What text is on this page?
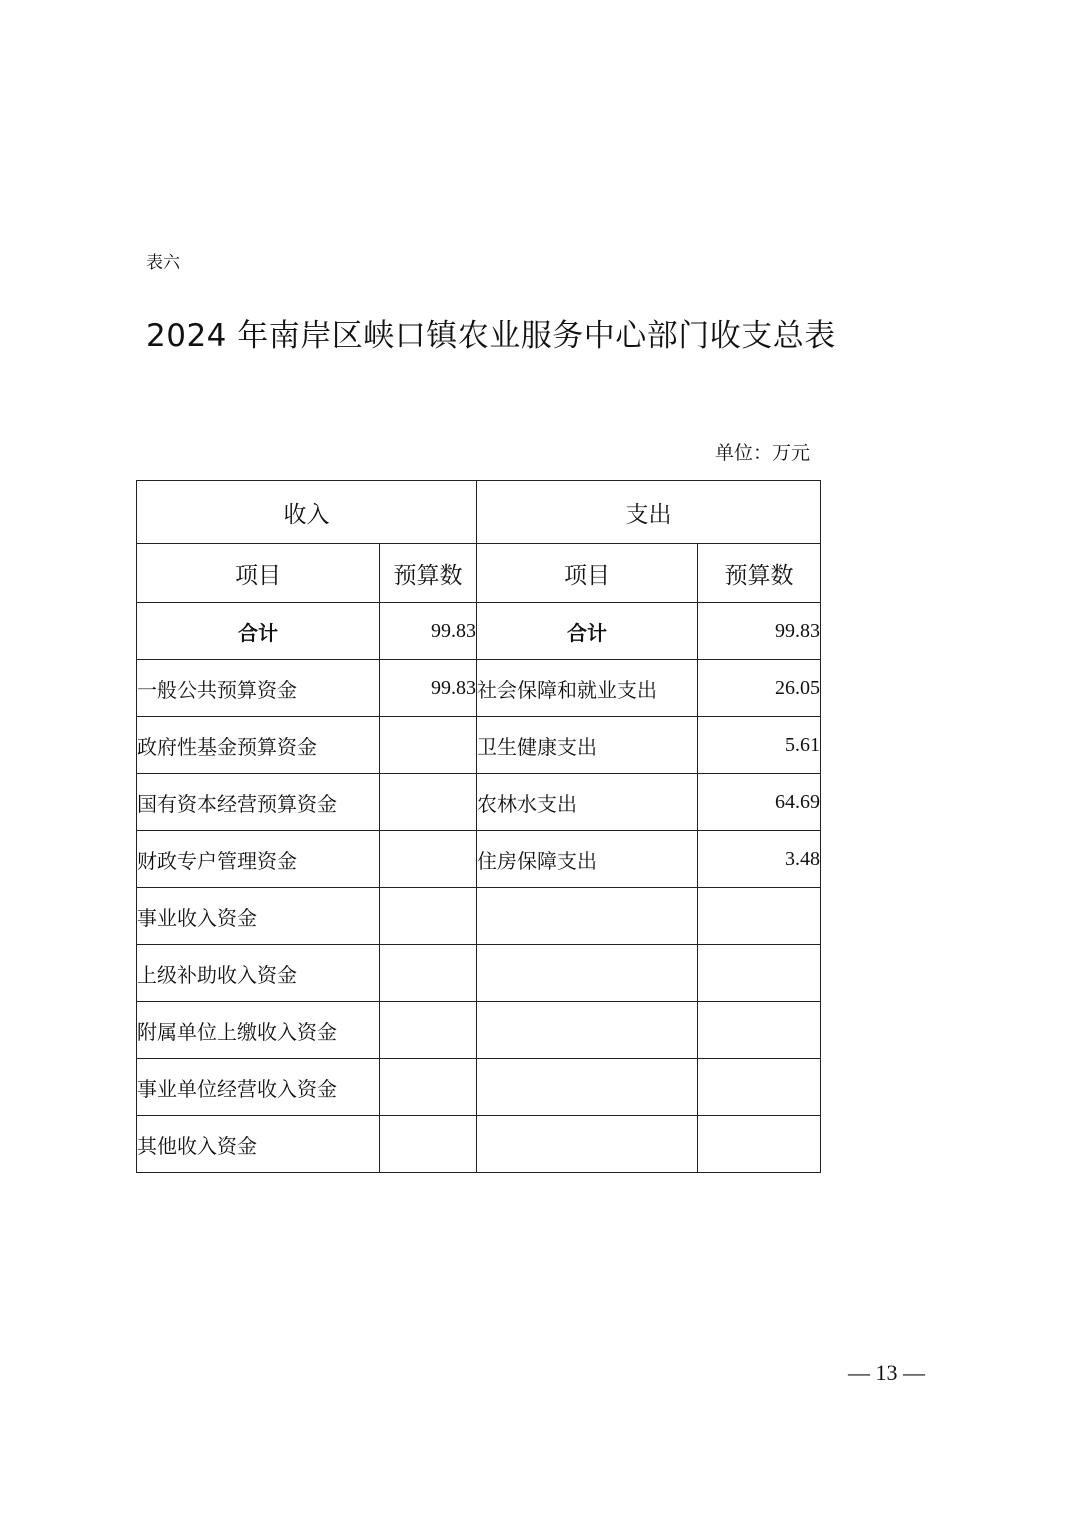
表六
2024 年南岸区峡口镇农业服务中心部门收支总表
单位：万元
收入		支出	
项目	预算数	项目	预算数
合计	99.83	合计	99.83
一般公共预算资金	99.83	社会保障和就业支出	26.05
政府性基金预算资金		卫生健康支出	5.61
国有资本经营预算资金		农林水支出	64.69
财政专户管理资金		住房保障支出	3.48
事业收入资金			
上级补助收入资金			
附属单位上缴收入资金			
事业单位经营收入资金			
其他收入资金			
— 13 —
